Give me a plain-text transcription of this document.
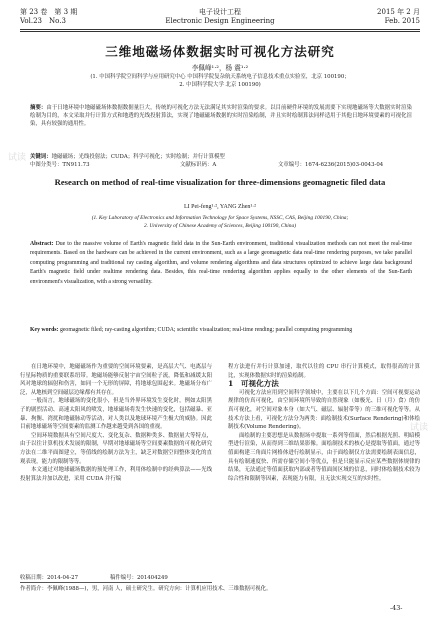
第 23 卷　第 3 期
Vol.23　No.3
电子设计工程
Electronic Design Engineering
2015 年 2 月
Feb. 2015
三维地磁场体数据实时可视化方法研究
李佩峰¹·²，杨 震¹·²
(1. 中国科学院空间科学与应用研究中心 中国科学院复杂航天系统电子信息技术重点实验室，北京 100190；
2. 中国科学院大学 北京 100190)
摘要：由于日地环境中地磁磁场体数据数据量巨大，传统的可视化方法无法满足其实时渲染的要求。以目前硬件环境的发展需要下实现地磁场等大数据实时渲染绘制为目的，本文采取并行计算方式和地透的光线投射算法，实现了地磁磁场数据的实时渲染绘制，并且实时绘制算法同样适用于其他日地环境要素的可视化渲染，具有较强的通用性。
关键词：地磁磁场；光线投射法；CUDA；科学可视化；实时绘制；并行计算模型
中图分类号：TN911.73	文献标识码：A	文章编号：1674-6236(2015)03-0043-04
Research on method of real-time visualization for three-dimensions geomagnetic filed data
LI Pei-feng¹·², YANG Zhen¹·²
(1. Key Laboratory of Electronics and Information Technology for Space Systems, NSSC, CAS, Beijing 100190, China;
2. University of Chinese Academy of Sciences, Beijing 100190, China)
Abstract: Due to the massive volume of Earth's magnetic field data in the Sun-Earth environment, traditional visualization methods can not meet the real-time requirements. Based on the hardware can be achieved in the current environment, such as a large geomagnetic data real-time rendering purposes, we take parallel computing programming and traditional ray casting algorithm, and volume rendering algorithms and data structures optimized to achieve large data background Earth's magnetic field under realtime rendering data. Besides, this real-time rendering algorithm applies equally to the other elements of the Sun-Earth environment's visualization, with a strong versatility.
Key words: geomagnetic filed; ray-casting algorithm; CUDA; scientific visualization; real-time rending; parallel computing programming

在日地环境中，地磁磁场作为重要的空间环境要素，是高层大气、电离层与行星际物质的重要联系纽带。地磁场能够反射宇宙空间粒子流，降低和减缓太阳风对地球的辐射和伤害，如同一个无形的屏障，将地球包围起来。地磁场分布广泛，从地核到空间磁层边缘都有其存在。

一般而言，地球磁场的变化很小，但是当外界环境发生变化时，例如太阳黑子的剧烈活动、高速太阳风的喷发，地球磁场将发生快速的变化，包括磁暴、亚暴、拘衡、湾扰和地磁脉动等活动，对人类以及地球环境产生极大的威胁。因此目前地球磁场等空间要素的监测工作越来越受到各国的重视。

空间环境数据具有空间尺度大、变化复杂、数据种类多、数据量大等特点，由于以往计算机技术发展的限制，早期对地球磁场等空间要素数据的可视化研究方法在二维平面图建立，等值线的绘制方法为主，缺乏对数据空间整体变化的直观表现，能力的限制等等。

本文通过对地球磁场数据的预处理工作，利用体绘制中的经典算法——光线投射算法并加以改进，采用 CUDA 并行编

程方法进行并行计算加速，取代以往的 CPU 串行计算模式，取得很高的计算比，实现体数据实时的渲染绘制。

1　可视化方法

可视化方法应用到空间科学领域中，主要在以下几个方面：空间可视要运动规律的仿真可视化，由空间环境所导致的自然现象（如极光、日（月）食）的仿真可视化，对空间对象本身（如大气、磁层、辐射带等）的三维可视化等等。从技术方法上看，可视化方法分为两类：面绘制技术(Surface Rendering)和体绘制技术(Volume Rendering)。

面绘制的主要思想是从数据场中提取一系列等值面，然后根据光照、明暗模型进行渲染，从而得到三维结果影像。面绘制技术的核心是提取等值面，通过等值面构建三角面片网格体进行绘制显示，由于面绘制仅方法需要绘制表面信息，具有绘制速度快、所需存储空间小等优点，但是只能显示反应某些数据体规律的结果，无法通过等值面获取内部或者等值面间区域的信息，同时体绘制技术较为综合性和限制等因素，表现能力有限，且无法实现交互的实时性。

收稿日期：2014-04-27	稿件编号：201404249
作者简介：李佩峰(1988—)，男，河南 人，硕士研究生。研究方向：计算机应用技术、三维数据可视化。
-43-
试读
试读
